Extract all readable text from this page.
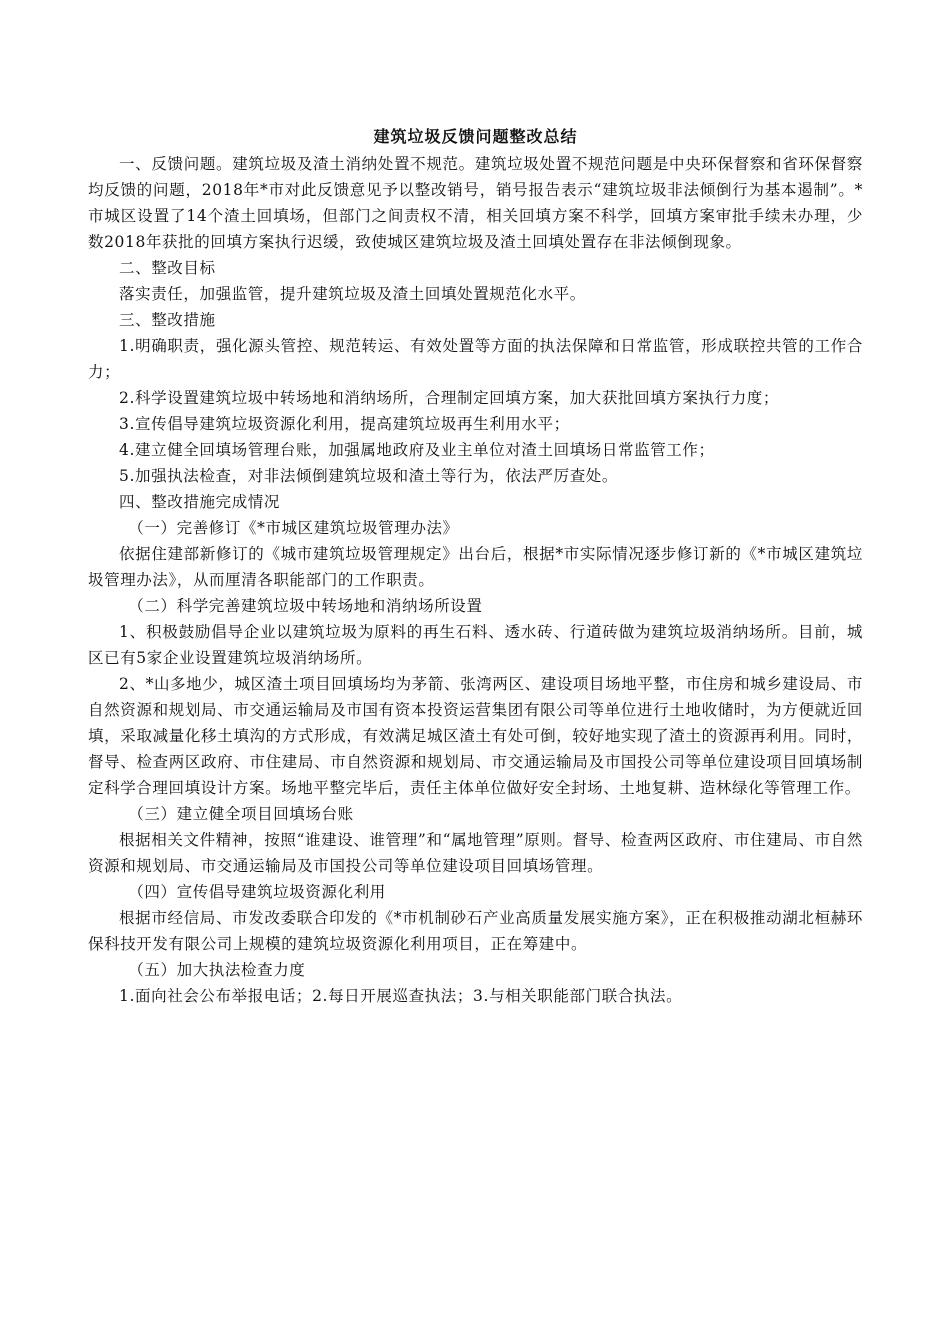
建筑垃圾反馈问题整改总结

一、反馈问题。建筑垃圾及渣土消纳处置不规范。建筑垃圾处置不规范问题是中央环保督察和省环保督察均反馈的问题，2018年*市对此反馈意见予以整改销号，销号报告表示“建筑垃圾非法倾倒行为基本遏制”。*市城区设置了14个渣土回填场，但部门之间责权不清，相关回填方案不科学，回填方案审批手续未办理，少数2018年获批的回填方案执行迟缓，致使城区建筑垃圾及渣土回填处置存在非法倾倒现象。

二、整改目标

落实责任，加强监管，提升建筑垃圾及渣土回填处置规范化水平。

三、整改措施

1.明确职责，强化源头管控、规范转运、有效处置等方面的执法保障和日常监管，形成联控共管的工作合力；

2.科学设置建筑垃圾中转场地和消纳场所，合理制定回填方案，加大获批回填方案执行力度；

3.宣传倡导建筑垃圾资源化利用，提高建筑垃圾再生利用水平；

4.建立健全回填场管理台账，加强属地政府及业主单位对渣土回填场日常监管工作；

5.加强执法检查，对非法倾倒建筑垃圾和渣土等行为，依法严厉查处。

四、整改措施完成情况

（一）完善修订《*市城区建筑垃圾管理办法》

依据住建部新修订的《城市建筑垃圾管理规定》出台后，根据*市实际情况逐步修订新的《*市城区建筑垃圾管理办法》，从而厘清各职能部门的工作职责。

（二）科学完善建筑垃圾中转场地和消纳场所设置

1、积极鼓励倡导企业以建筑垃圾为原料的再生石料、透水砖、行道砖做为建筑垃圾消纳场所。目前，城区已有5家企业设置建筑垃圾消纳场所。

2、*山多地少，城区渣土项目回填场均为茅箭、张湾两区、建设项目场地平整，市住房和城乡建设局、市自然资源和规划局、市交通运输局及市国有资本投资运营集团有限公司等单位进行土地收储时，为方便就近回填，采取减量化移土填沟的方式形成，有效满足城区渣土有处可倒，较好地实现了渣土的资源再利用。同时，督导、检查两区政府、市住建局、市自然资源和规划局、市交通运输局及市国投公司等单位建设项目回填场制定科学合理回填设计方案。场地平整完毕后，责任主体单位做好安全封场、土地复耕、造林绿化等管理工作。

（三）建立健全项目回填场台账

根据相关文件精神，按照“谁建设、谁管理”和“属地管理”原则。督导、检查两区政府、市住建局、市自然资源和规划局、市交通运输局及市国投公司等单位建设项目回填场管理。

（四）宣传倡导建筑垃圾资源化利用

根据市经信局、市发改委联合印发的《*市机制砂石产业高质量发展实施方案》，正在积极推动湖北桓赫环保科技开发有限公司上规模的建筑垃圾资源化利用项目，正在筹建中。

（五）加大执法检查力度

1.面向社会公布举报电话；2.每日开展巡查执法；3.与相关职能部门联合执法。
